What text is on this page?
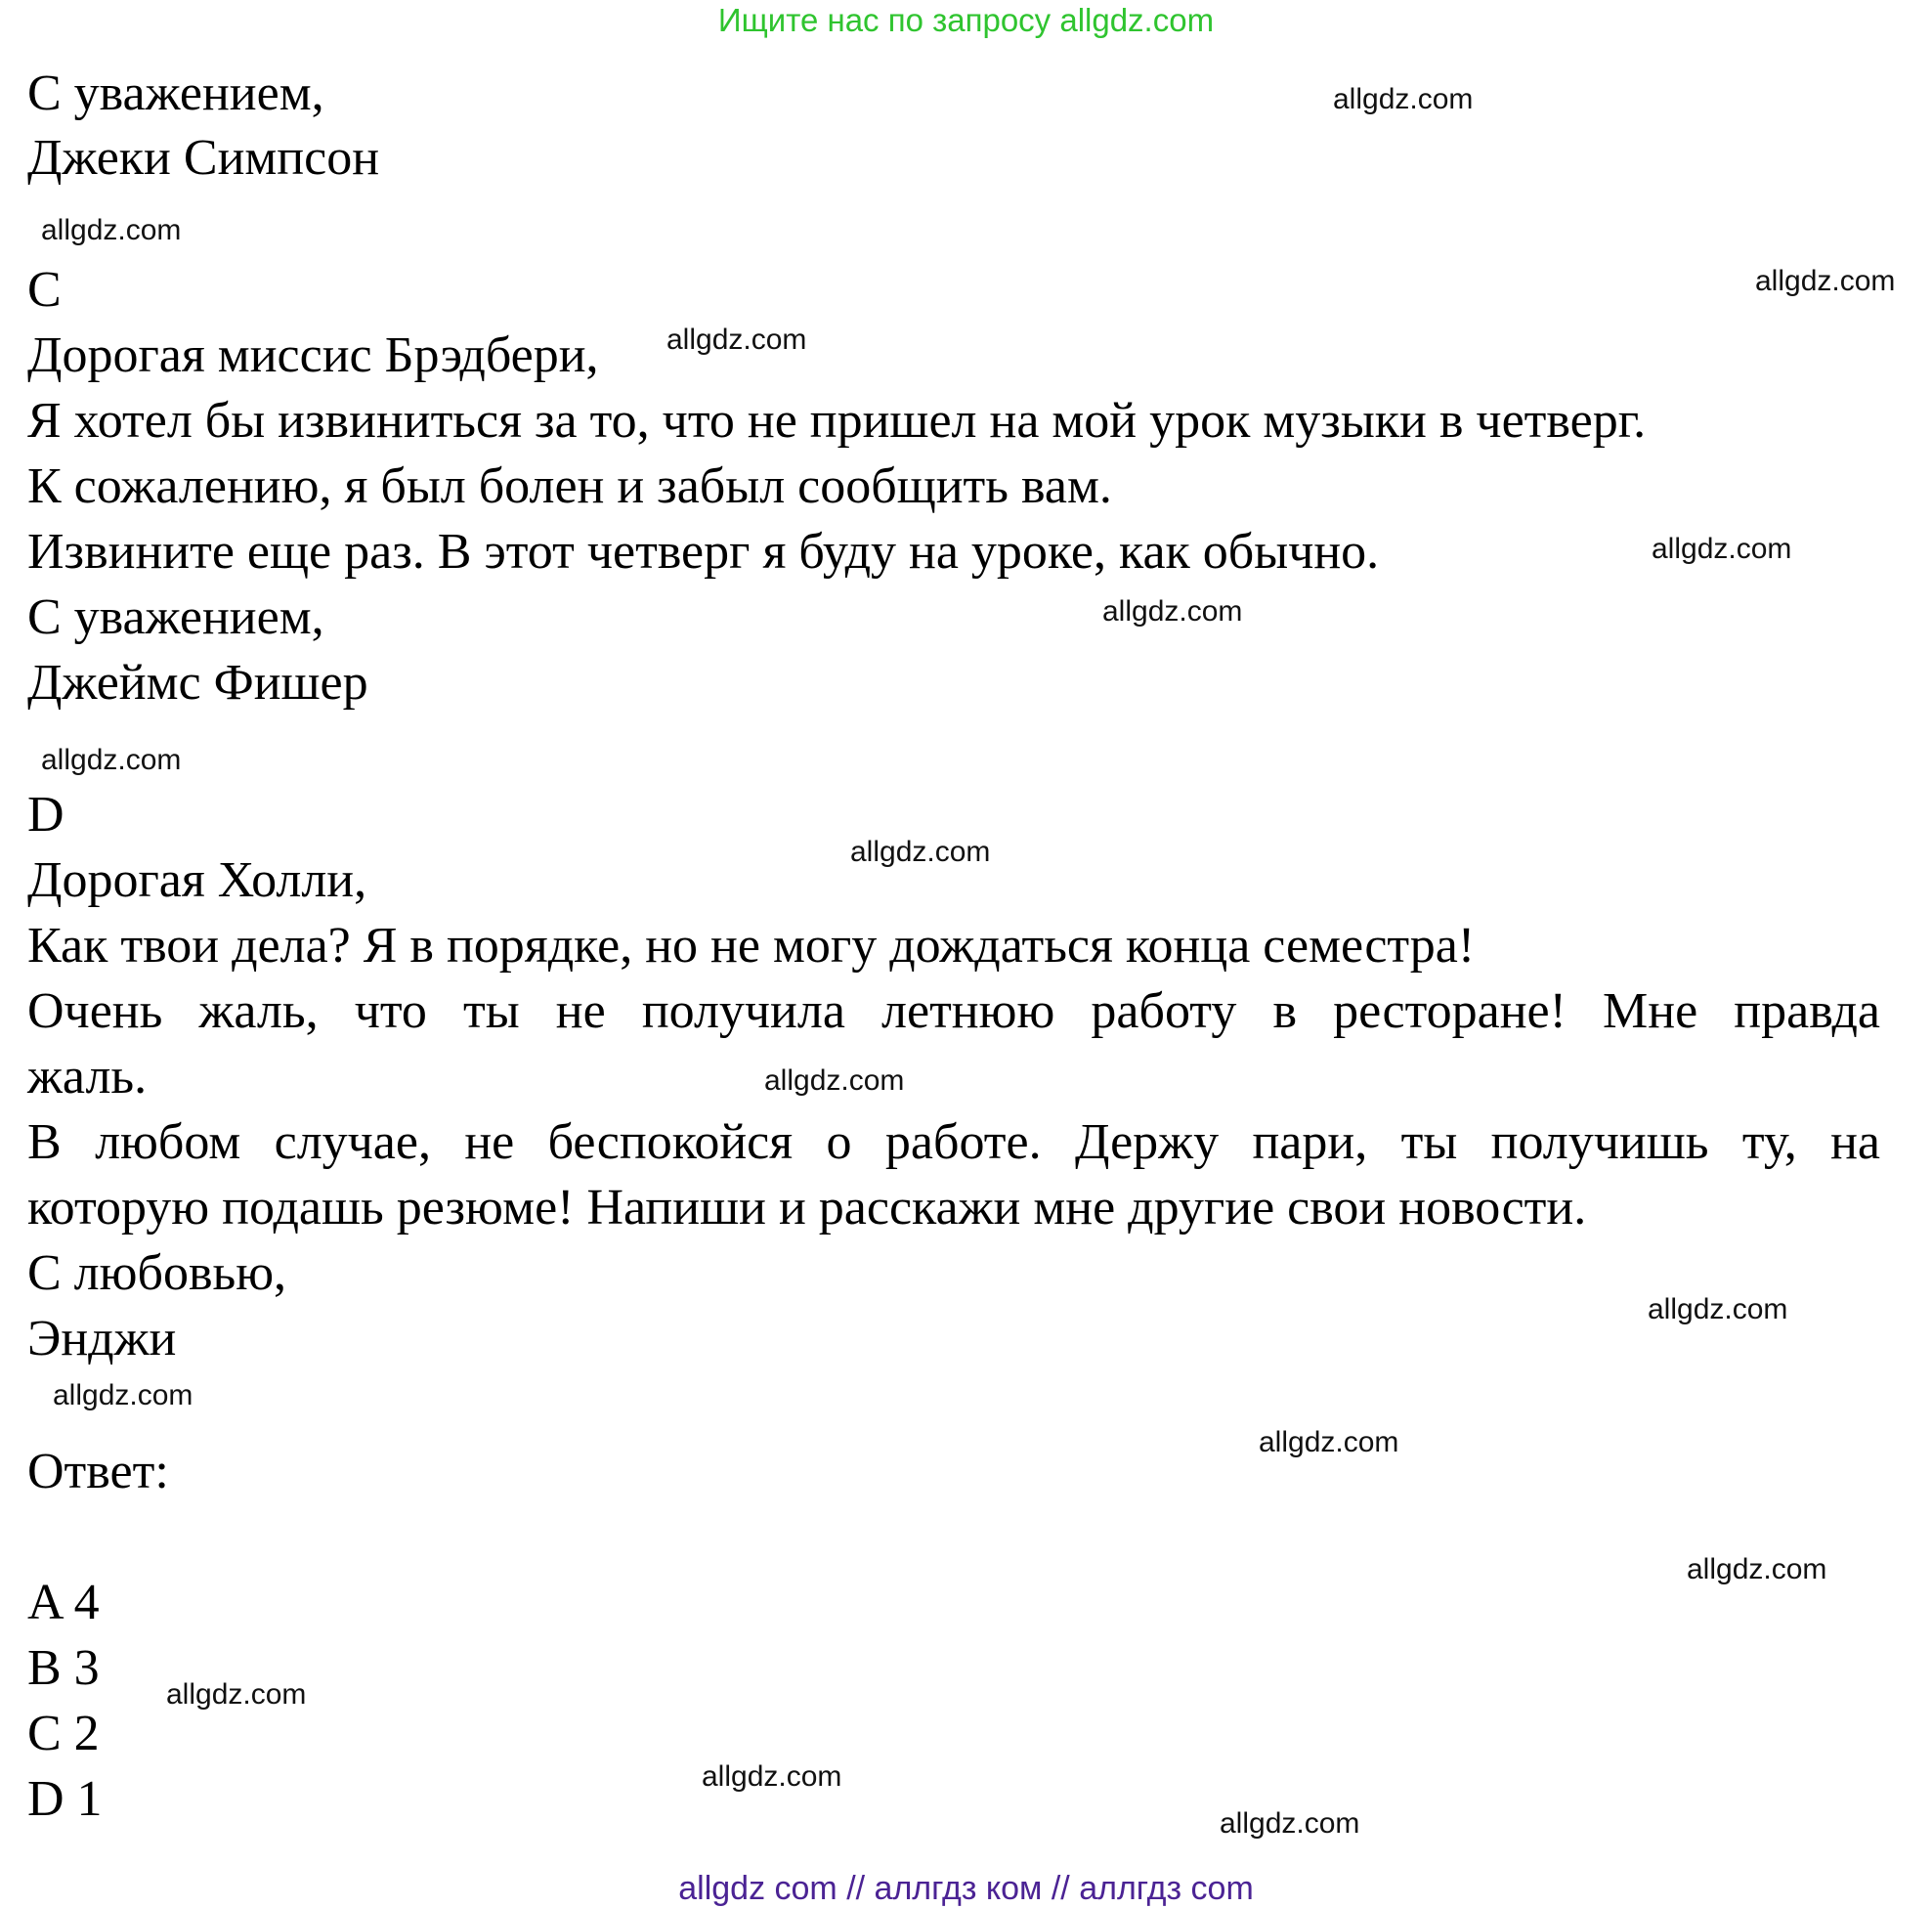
Ищите нас по запросу allgdz.com
С уважением,
Джеки Симпсон
C
Дорогая миссис Брэдбери,
Я хотел бы извиниться за то, что не пришел на мой урок музыки в четверг.
К сожалению, я был болен и забыл сообщить вам.
Извините еще раз. В этот четверг я буду на уроке, как обычно.
С уважением,
Джеймс Фишер
D
Дорогая Холли,
Как твои дела? Я в порядке, но не могу дождаться конца семестра!
Очень жаль, что ты не получила летнюю работу в ресторане! Мне правда
жаль.
В любом случае, не беспокойся о работе. Держу пари, ты получишь ту, на
которую подашь резюме! Напиши и расскажи мне другие свои новости.
С любовью,
Энджи
Ответ:
A 4
B 3
C 2
D 1
allgdz.com
allgdz.com
allgdz.com
allgdz.com
allgdz.com
allgdz.com
allgdz.com
allgdz.com
allgdz.com
allgdz.com
allgdz.com
allgdz.com
allgdz.com
allgdz.com
allgdz.com
allgdz.com
allgdz com // аллгдз ком // аллгдз com
